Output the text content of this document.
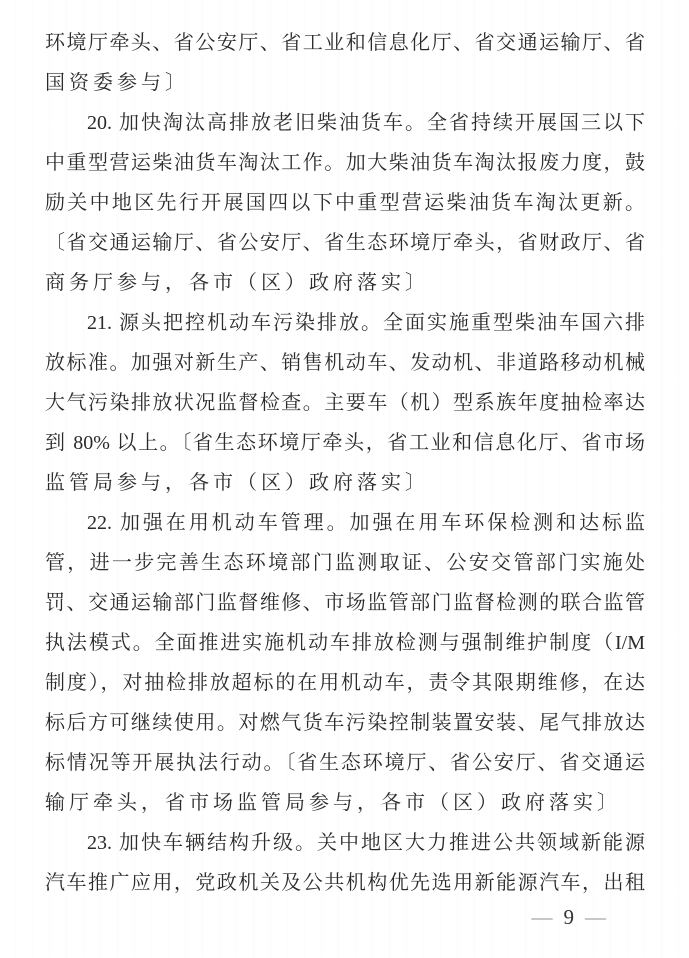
环境厅牵头、省公安厅、省工业和信息化厅、省交通运输厅、省
国资委参与〕
20. 加快淘汰高排放老旧柴油货车。全省持续开展国三以下
中重型营运柴油货车淘汰工作。加大柴油货车淘汰报废力度，鼓
励关中地区先行开展国四以下中重型营运柴油货车淘汰更新。
〔省交通运输厅、省公安厅、省生态环境厅牵头，省财政厅、省
商务厅参与，各市（区）政府落实〕
21. 源头把控机动车污染排放。全面实施重型柴油车国六排
放标准。加强对新生产、销售机动车、发动机、非道路移动机械
大气污染排放状况监督检查。主要车（机）型系族年度抽检率达
到 80% 以上。〔省生态环境厅牵头，省工业和信息化厅、省市场
监管局参与，各市（区）政府落实〕
22. 加强在用机动车管理。加强在用车环保检测和达标监
管，进一步完善生态环境部门监测取证、公安交管部门实施处
罚、交通运输部门监督维修、市场监管部门监督检测的联合监管
执法模式。全面推进实施机动车排放检测与强制维护制度（I/M
制度），对抽检排放超标的在用机动车，责令其限期维修，在达
标后方可继续使用。对燃气货车污染控制装置安装、尾气排放达
标情况等开展执法行动。〔省生态环境厅、省公安厅、省交通运
输厅牵头，省市场监管局参与，各市（区）政府落实〕
23. 加快车辆结构升级。关中地区大力推进公共领域新能源
汽车推广应用，党政机关及公共机构优先选用新能源汽车，出租
— 9 —
